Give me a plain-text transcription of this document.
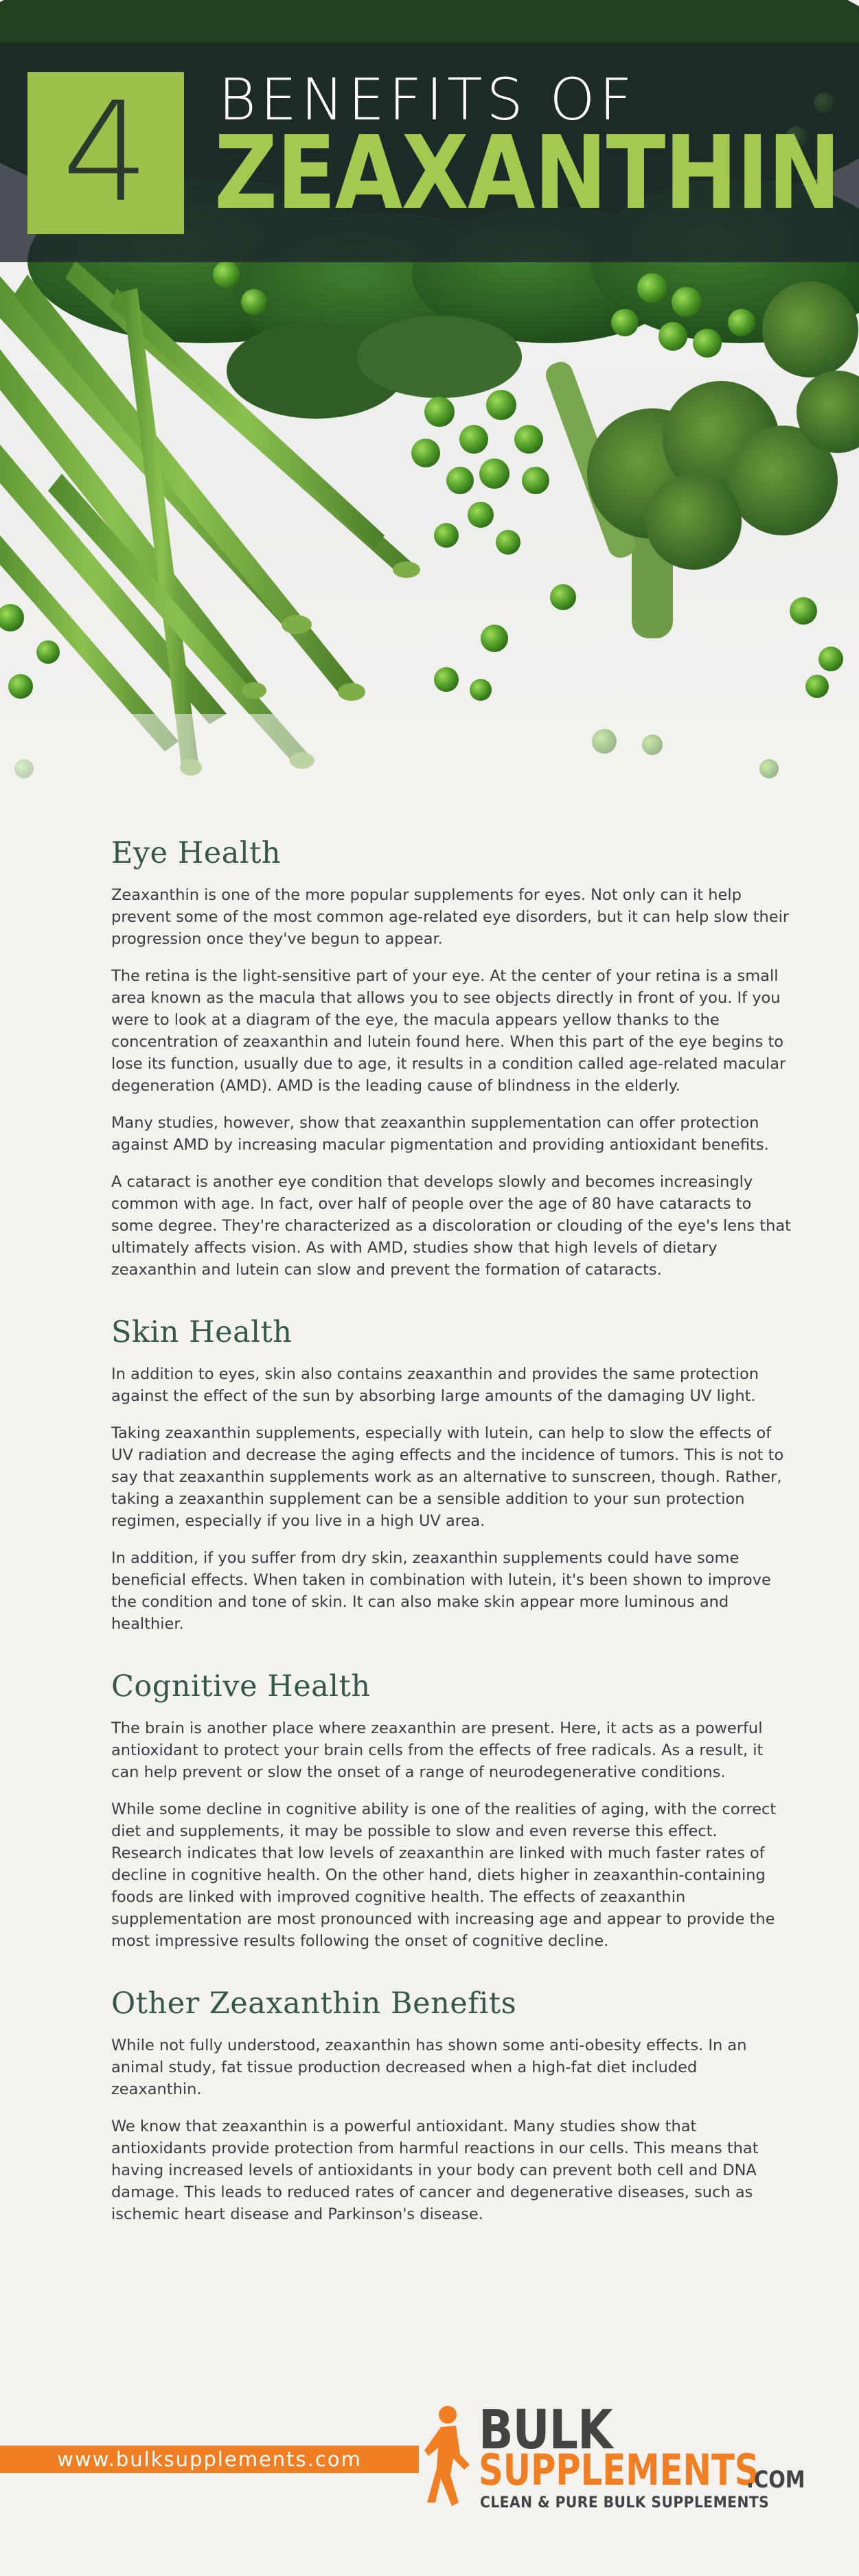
4 BENEFITS OF
ZEAXANTHIN
Eye Health

Zeaxanthin is one of the more popular supplements for eyes. Not only can it help prevent some of the most common age-related eye disorders, but it can help slow their progression once they've begun to appear.

The retina is the light-sensitive part of your eye. At the center of your retina is a small area known as the macula that allows you to see objects directly in front of you. If you were to look at a diagram of the eye, the macula appears yellow thanks to the concentration of zeaxanthin and lutein found here. When this part of the eye begins to lose its function, usually due to age, it results in a condition called age-related macular degeneration (AMD). AMD is the leading cause of blindness in the elderly.

Many studies, however, show that zeaxanthin supplementation can offer protection against AMD by increasing macular pigmentation and providing antioxidant benefits.

A cataract is another eye condition that develops slowly and becomes increasingly common with age. In fact, over half of people over the age of 80 have cataracts to some degree. They're characterized as a discoloration or clouding of the eye's lens that ultimately affects vision. As with AMD, studies show that high levels of dietary zeaxanthin and lutein can slow and prevent the formation of cataracts.

Skin Health

In addition to eyes, skin also contains zeaxanthin and provides the same protection against the effect of the sun by absorbing large amounts of the damaging UV light.

Taking zeaxanthin supplements, especially with lutein, can help to slow the effects of UV radiation and decrease the aging effects and the incidence of tumors. This is not to say that zeaxanthin supplements work as an alternative to sunscreen, though. Rather, taking a zeaxanthin supplement can be a sensible addition to your sun protection regimen, especially if you live in a high UV area.

In addition, if you suffer from dry skin, zeaxanthin supplements could have some beneficial effects. When taken in combination with lutein, it's been shown to improve the condition and tone of skin. It can also make skin appear more luminous and healthier.

Cognitive Health

The brain is another place where zeaxanthin are present. Here, it acts as a powerful antioxidant to protect your brain cells from the effects of free radicals. As a result, it can help prevent or slow the onset of a range of neurodegenerative conditions.

While some decline in cognitive ability is one of the realities of aging, with the correct diet and supplements, it may be possible to slow and even reverse this effect. Research indicates that low levels of zeaxanthin are linked with much faster rates of decline in cognitive health. On the other hand, diets higher in zeaxanthin-containing foods are linked with improved cognitive health. The effects of zeaxanthin supplementation are most pronounced with increasing age and appear to provide the most impressive results following the onset of cognitive decline.

Other Zeaxanthin Benefits

While not fully understood, zeaxanthin has shown some anti-obesity effects. In an animal study, fat tissue production decreased when a high-fat diet included zeaxanthin.

We know that zeaxanthin is a powerful antioxidant. Many studies show that antioxidants provide protection from harmful reactions in our cells. This means that having increased levels of antioxidants in your body can prevent both cell and DNA damage. This leads to reduced rates of cancer and degenerative diseases, such as ischemic heart disease and Parkinson's disease.

www.bulksupplements.com BULK
SUPPLEMENTS
.COM
CLEAN & PURE BULK SUPPLEMENTS
